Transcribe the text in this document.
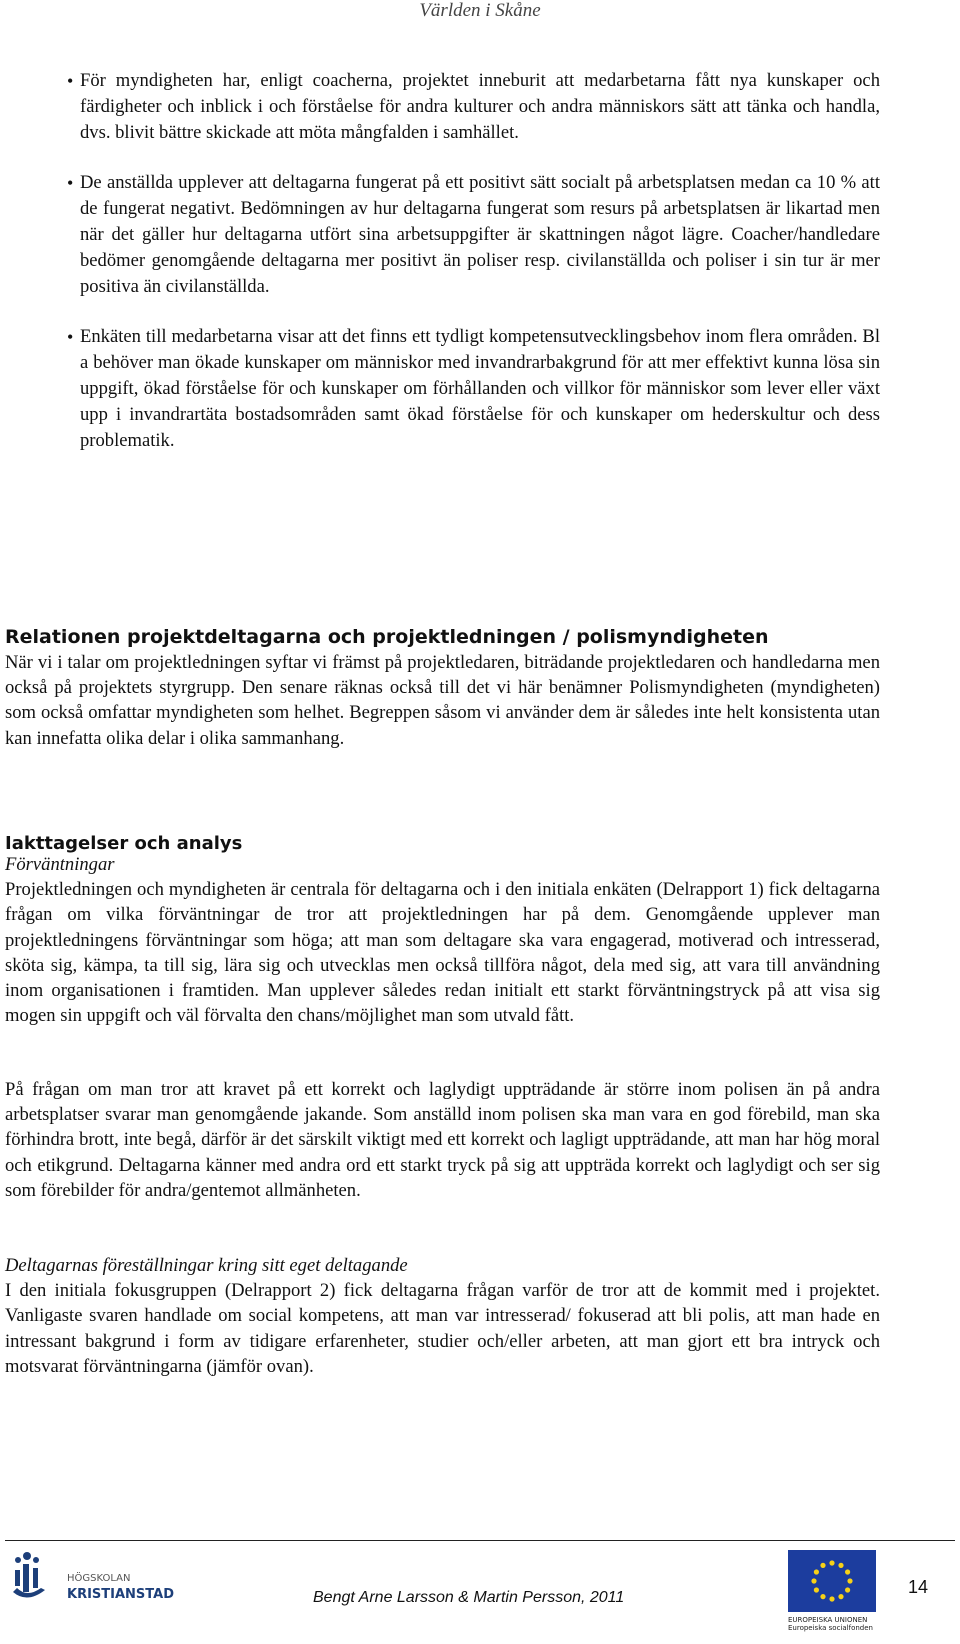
Världen i Skåne
• För myndigheten har, enligt coacherna, projektet inneburit att medarbetarna fått nya kunskaper och färdigheter och inblick i och förståelse för andra kulturer och andra människors sätt att tänka och handla, dvs. blivit bättre skickade att möta mångfalden i samhället.
• De anställda upplever att deltagarna fungerat på ett positivt sätt socialt på arbetsplatsen medan ca 10 % att de fungerat negativt. Bedömningen av hur deltagarna fungerat som resurs på arbetsplatsen är likartad men när det gäller hur deltagarna utfört sina arbetsuppgifter är skattningen något lägre. Coacher/handledare bedömer genomgående deltagarna mer positivt än poliser resp. civilanställda och poliser i sin tur är mer positiva än civilanställda.
• Enkäten till medarbetarna visar att det finns ett tydligt kompetensutvecklingsbehov inom flera områden. Bl a behöver man ökade kunskaper om människor med invandrarbakgrund för att mer effektivt kunna lösa sin uppgift, ökad förståelse för och kunskaper om förhållanden och villkor för människor som lever eller växt upp i invandrartäta bostadsområden samt ökad förståelse för och kunskaper om hederskultur och dess problematik.
Relationen projektdeltagarna och projektledningen / polismyndigheten

När vi i talar om projektledningen syftar vi främst på projektledaren, biträdande projektledaren och handledarna men också på projektets styrgrupp. Den senare räknas också till det vi här benämner Polismyndigheten (myndigheten) som också omfattar myndigheten som helhet. Begreppen såsom vi använder dem är således inte helt konsistenta utan kan innefatta olika delar i olika sammanhang.

Iakttagelser och analys

Förväntningar
Projektledningen och myndigheten är centrala för deltagarna och i den initiala enkäten (Delrapport 1) fick deltagarna frågan om vilka förväntningar de tror att projektledningen har på dem. Genomgående upplever man projektledningens förväntningar som höga; att man som deltagare ska vara engagerad, motiverad och intresserad, sköta sig, kämpa, ta till sig, lära sig och utvecklas men också tillföra något, dela med sig, att vara till användning inom organisationen i framtiden. Man upplever således redan initialt ett starkt förväntningstryck på att visa sig mogen sin uppgift och väl förvalta den chans/möjlighet man som utvald fått.

På frågan om man tror att kravet på ett korrekt och laglydigt uppträdande är större inom polisen än på andra arbetsplatser svarar man genomgående jakande. Som anställd inom polisen ska man vara en god förebild, man ska förhindra brott, inte begå, därför är det särskilt viktigt med ett korrekt och lagligt uppträdande, att man har hög moral och etikgrund. Deltagarna känner med andra ord ett starkt tryck på sig att uppträda korrekt och laglydigt och ser sig som förebilder för andra/gentemot allmänheten.

Deltagarnas föreställningar kring sitt eget deltagande
I den initiala fokusgruppen (Delrapport 2) fick deltagarna frågan varför de tror att de kommit med i projektet. Vanligaste svaren handlade om social kompetens, att man var intresserad/ fokuserad att bli polis, att man hade en intressant bakgrund i form av tidigare erfarenheter, studier och/eller arbeten, att man gjort ett bra intryck och motsvarat förväntningarna (jämför ovan).

HÖGSKOLAN
KRISTIANSTAD	Bengt Arne Larsson & Martin Persson, 2011
EUROPEISKA UNIONEN
Europeiska socialfonden
14
